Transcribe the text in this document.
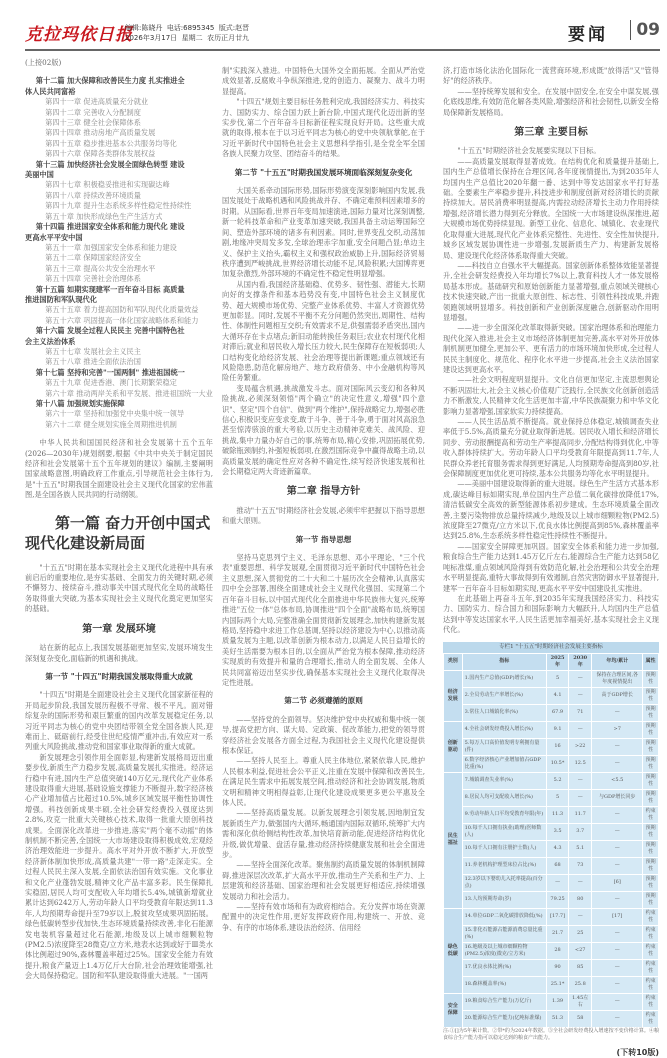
克拉玛依日报
编辑:陈晓丹 电话:6895345 版式:赵晋
2026年3月17日 星期二 农历正月廿九	要闻	09

(上接02版)

第十二篇 加大保障和改善民生力度 扎实推进全

体人民共同富裕

第四十一章 促进高质量充分就业

第四十二章 完善收入分配制度

第四十三章 健全社会保障体系

第四十四章 推动房地产高质量发展

第四十五章 稳步推进基本公共服务均等化

第四十六章 保障各类群体发展权益

第十三篇 加快经济社会发展全面绿色转型 建设

美丽中国

第四十七章 积极稳妥推进和实现碳达峰

第四十八章 持续改善环境质量

第四十九章 提升生态系统多样性稳定性持续性

第五十章 加快形成绿色生产生活方式

第十四篇 推进国家安全体系和能力现代化 建设

更高水平平安中国

第五十一章 加强国家安全体系和能力建设

第五十二章 保障国家经济安全

第五十三章 提高公共安全治理水平

第五十四章 完善社会治理体系

第十五篇 如期实现建军一百年奋斗目标 高质量

推进国防和军队现代化

第五十五章 着力提高国防和军队现代化质量效益

第五十六章 巩固提高一体化国家战略体系和能力

第十六篇 发展全过程人民民主 完善中国特色社

会主义法治体系

第五十七章 发展社会主义民主

第五十八章 推进全面依法治国

第十七篇 坚持和完善"一国两制" 推进祖国统一

第五十九章 促进香港、澳门长期繁荣稳定

第六十章 推动两岸关系和平发展、推进祖国统一大业

第十八篇 加强规划实施保障

第六十一章 坚持和加强党中央集中统一领导

第六十二章 健全规划实施全周期推进机制

中华人民共和国国民经济和社会发展第十五个五年(2026—2030年)规划纲要,根据《中共中央关于制定国民经济和社会发展第十五个五年规划的建议》编制,主要阐明国家战略意图,明确政府工作重点,引导规范社会主体行为,是"十五五"时期我国全面建设社会主义现代化国家的宏伟蓝图,是全国各族人民共同的行动纲领。

第一篇 奋力开创中国式现代化建设新局面

"十五五"时期在基本实现社会主义现代化进程中具有承前启后的重要地位,是夯实基础、全面发力的关键时期,必须不懈努力、接续奋斗,推动事关中国式现代化全局的战略任务取得重大突破,为基本实现社会主义现代化奠定更加坚实的基础。

第一章 发展环境

站在新的起点上,我国发展基础更加坚实,发展环境发生深刻复杂变化,面临新的机遇和挑战。

第一节 "十四五"时期我国发展取得重大成就

"十四五"时期是全面建设社会主义现代化国家新征程的开局起步阶段,我国发展历程极不寻常、极不平凡。面对错综复杂的国际形势和艰巨繁重的国内改革发展稳定任务,以习近平同志为核心的党中央团结带领全党全国各族人民,迎难而上、砥砺前行,经受住世纪疫情严重冲击,有效应对一系列重大风险挑战,推动党和国家事业取得新的重大成就。

新发展理念引领作用全面彰显,构建新发展格局迈出重要步伐,新质生产力稳步发展,高质量发展扎实推进。经济运行稳中有进,国内生产总值突破140万亿元,现代化产业体系建设取得重大进展,基础设施支撑能力不断提升,数字经济核心产业增加值占比超过10.5%,城乡区域发展平衡性协调性增强。科技创新成果丰硕,全社会研发经费投入强度达到2.8%,攻克一批重大关键核心技术,取得一批重大原创科技成果。全面深化改革进一步推进,落实"两个毫不动摇"的体制机制不断完善,全国统一大市场建设取得积极成效,宏观经济治理效能进一步提升。高水平对外开放不断扩大,开放型经济新体制加快形成,高质量共建"一带一路"走深走实。全过程人民民主深入发展,全面依法治国有效实施。文化事业和文化产业蓬勃发展,精神文化产品丰富多彩。民生保障扎实稳固,居民人均可支配收入年均增长5.4%,城镇新增就业累计达到6242万人,劳动年龄人口平均受教育年限达到11.3年,人均预期寿命提升至79岁以上,脱贫攻坚成果巩固拓展。绿色低碳转型步伐加快,生态环境质量持续改善,非化石能源发电装机容量超过化石能源,地级及以上城市细颗粒物(PM2.5)浓度降至28微克/立方米,地表水达到或好于Ⅲ类水体比例超过90%,森林覆盖率超过25%。国家安全能力有效提升,粮食产量迈上1.4万亿斤大台阶,社会治理效能增强,社会大局保持稳定。国防和军队建设取得重大进展。"一国两

制"实践深入推进。中国特色大国外交全面拓展。全面从严治党成效显著,反腐败斗争纵深推进,党的创造力、凝聚力、战斗力明显提高。

"十四五"规划主要目标任务胜利完成,我国经济实力、科技实力、国防实力、综合国力跃上新台阶,中国式现代化迈出新的坚实步伐,第二个百年奋斗目标新征程实现良好开局。这些重大成就的取得,根本在于以习近平同志为核心的党中央领航掌舵,在于习近平新时代中国特色社会主义思想科学指引,是全党全军全国各族人民聚力攻坚、团结奋斗的结果。

第二节 "十五五"时期我国发展环境面临深刻复杂变化

大国关系牵动国际形势,国际形势演变深刻影响国内发展,我国发展处于战略机遇和风险挑战并存、不确定难预料因素增多的时期。从国际看,世界百年变局加速演进,国际力量对比深刻调整,新一轮科技革命和产业变革加速突破,我国具备主动运筹国际空间、塑造外部环境的诸多有利因素。同时,世界变乱交织,动荡加剧,地缘冲突局发多发,全球治理赤字加重,安全问题凸显;单边主义、保护主义抬头,霸权主义和强权政治威胁上升,国际经济贸易秩序遭到严峻挑战,世界经济增长动能不足,风险积累;大国博弈更加复杂激烈,外部环境的不确定性不稳定性明显增强。

从国内看,我国经济基础稳、优势多、韧性强、潜能大,长期向好的支撑条件和基本趋势没有变,中国特色社会主义制度优势、超大规模市场优势、完整产业体系优势、丰富人才资源优势更加彰显。同时,发展不平衡不充分问题仍然突出,周期性、结构性、体制性问题相互交织;有效需求不足,供强需弱矛盾突出,国内大循环存在卡点堵点;新旧动能转换任务艰巨;农业农村现代化相对滞后;就业和居民收入增长压力较大,民生保障存在短板弱项;人口结构变化给经济发展、社会治理等提出新课题;重点领域还有风险隐患,防范化解房地产、地方政府债务、中小金融机构等风险任务繁重。

变局蕴含机遇,挑战激发斗志。面对国际风云变幻和各种风险挑战,必须深刻领悟"两个确立"的决定性意义,增强"四个意识"、坚定"四个自信"、做到"两个维护",保持战略定力,增强必胜信心,积极识变应变求变,敢于斗争、善于斗争,勇于面对风高浪急甚至惊涛骇浪的重大考验,以历史主动精神克难关、战风险、迎挑战,集中力量办好自己的事,统筹布局,精心安排,巩固拓展优势,破除瓶颈制约,补强短板弱项,在激烈国际竞争中赢得战略主动,以高质量发展的确定性应对各种不确定性,续写经济快速发展和社会长期稳定两大奇迹新篇章。

第二章 指导方针

推动"十五五"时期经济社会发展,必须牢牢把握以下指导思想和重大原则。

第一节 指导思想

坚持马克思列宁主义、毛泽东思想、邓小平理论、"三个代表"重要思想、科学发展观,全面贯彻习近平新时代中国特色社会主义思想,深入贯彻党的二十大和二十届历次全会精神,认真落实四中全会部署,围绕全面建成社会主义现代化强国、实现第二个百年奋斗目标,以中国式现代化全面推进中华民族伟大复兴,统筹推进"五位一体"总体布局,协调推进"四个全面"战略布局,统筹国内国际两个大局,完整准确全面贯彻新发展理念,加快构建新发展格局,坚持稳中求进工作总基调,坚持以经济建设为中心,以推动高质量发展为主题,以改革创新为根本动力,以满足人民日益增长的美好生活需要为根本目的,以全面从严治党为根本保障,推动经济实现质的有效提升和量的合理增长,推动人的全面发展、全体人民共同富裕迈出坚实步伐,确保基本实现社会主义现代化取得决定性进展。

第二节 必须遵循的原则

——坚持党的全面领导。坚决维护党中央权威和集中统一领导,提高党把方向、谋大局、定政策、促改革能力,把党的领导贯穿经济社会发展各方面全过程,为我国社会主义现代化建设提供根本保证。

——坚持人民至上。尊重人民主体地位,紧紧依靠人民,维护人民根本利益,促进社会公平正义,注重在发展中保障和改善民生,在满足民生需求中拓展发展空间,推动经济和社会协调发展,物质文明和精神文明相得益彰,让现代化建设成果更多更公平惠及全体人民。

——坚持高质量发展。以新发展理念引领发展,因地制宜发展新质生产力,做强国内大循环,畅通国内国际双循环,统筹扩大内需和深化供给侧结构性改革,加快培育新动能,促进经济结构优化升级,做优增量、盘活存量,推动经济持续健康发展和社会全面进步。

——坚持全面深化改革。聚焦制约高质量发展的体制机制障碍,推进深层次改革,扩大高水平开放,推动生产关系和生产力、上层建筑和经济基础、国家治理和社会发展更好相适应,持续增强发展动力和社会活力。

——坚持有效市场和有为政府相结合。充分发挥市场在资源配置中的决定性作用,更好发挥政府作用,构建统一、开放、竞争、有序的市场体系,建设法治经济、信用经

济,打造市场化法治化国际化一流营商环境,形成既"放得活"又"管得好"的经济秩序。

——坚持统筹发展和安全。在发展中固安全,在安全中谋发展,强化底线思维,有效防范化解各类风险,增强经济和社会韧性,以新安全格局保障新发展格局。

第三章 主要目标

"十五五"时期经济社会发展要实现以下目标。

——高质量发展取得显著成效。在结构优化和质量提升基础上,国内生产总值增长保持在合理区间,各年度视情提出,为到2035年人均国内生产总值比2020年翻一番、达到中等发达国家水平打好基础。全要素生产率稳步提升,科技进步和制度创新对经济增长的贡献持续加大。居民消费率明显提高,内需拉动经济增长主动力作用持续增强,经济增长潜力得到充分释放。全国统一大市场建设纵深推进,超大规模市场优势持续显现。新型工业化、信息化、城镇化、农业现代化取得重大进展,现代化产业体系完整性、先进性、安全性加快提升,城乡区域发展协调性进一步增强,发展新质生产力、构建新发展格局、建设现代化经济体系取得重大突破。

——科技自立自强水平大幅提高。国家创新体系整体效能显著提升,全社会研发经费投入年均增长7%以上,教育科技人才一体发展格局基本形成。基础研究和原始创新能力显著增强,重点领域关键核心技术快速突破,产出一批重大原创性、标志性、引领性科技成果,并跑领跑领域明显增多。科技创新和产业创新深度融合,创新驱动作用明显增强。

——进一步全面深化改革取得新突破。国家治理体系和治理能力现代化深入推进,社会主义市场经济体制更加完善,高水平对外开放体制机制更加健全,更加公平、更有活力的市场环境加快形成,全过程人民民主制度化、规范化、程序化水平进一步提高,社会主义法治国家建设达到更高水平。

——社会文明程度明显提升。文化自信更加坚定,主流思想舆论不断巩固壮大,社会主义核心价值观广泛践行,全民族文化创新创造活力不断激发,人民精神文化生活更加丰富,中华民族凝聚力和中华文化影响力显著增强,国家软实力持续提高。

——人民生活品质不断提高。就业保持总体稳定,城镇调查失业率低于5.5%,高质量充分就业取得新进展。居民收入增长和经济增长同步、劳动报酬提高和劳动生产率提高同步,分配结构得到优化,中等收入群体持续扩大。劳动年龄人口平均受教育年限提高到11.7年,人民群众养老托育服务需求得到更好满足,人均预期寿命提高到80岁,社会保障制度更加优化更可持续,基本公共服务均等化水平明显提升。

——美丽中国建设取得新的重大进展。绿色生产生活方式基本形成,碳达峰目标如期实现,单位国内生产总值二氧化碳排放降低17%,清洁低碳安全高效的新型能源体系初步建成。生态环境质量全面改善,主要污染物排放总量持续减少,地级及以上城市细颗粒物(PM2.5)浓度降至27微克/立方米以下,优良水体比例提高到85%,森林覆盖率达到25.8%,生态系统多样性稳定性持续性不断提升。

——国家安全屏障更加巩固。国家安全体系和能力进一步加强,粮食综合生产能力达到1.45万亿斤左右,能源综合生产能力达到58亿吨标准煤,重点领域风险得到有效防范化解,社会治理和公共安全治理水平明显提高,重特大事故得到有效遏制,自然灾害防御水平显著提升,建军一百年奋斗目标如期实现,更高水平平安中国建设扎实推进。

在此基础上再奋斗五年,到2035年实现我国经济实力、科技实力、国防实力、综合国力和国际影响力大幅跃升,人均国内生产总值达到中等发达国家水平,人民生活更加幸福美好,基本实现社会主义现代化。

专栏1 "十五五"时期经济社会发展主要指标
类别	指标	2025年	2030年	年均/累计	属性
经济发展	1.国内生产总值(GDP)增长(%)	5	—	保持在合理区间,各年度视情提出	预期性
	2.全员劳动生产率增长(%)	4.1	—	高于GDP增长	预期性
	3.常住人口城镇化率(%)	67.9	71	—	预期性
创新驱动	4.全社会研发经费投入增长(%)	9.1	—	>7	预期性
	5.每万人口高价值发明专利拥有量(件)	16	>22	—	预期性
	6.数字经济核心产业增加值占GDP比重(%)	10.5*	12.5	—	预期性
民生福祉	7.城镇调查失业率(%)	5.2	—	<5.5	预期性
	8.居民人均可支配收入增长(%)	5	—	与GDP增长同步	预期性
	9.劳动年龄人口平均受教育年限(年)	11.3	11.7	—	约束性
	10.每千人口拥有执业(助理)医师数(人)	3.5	3.7	—	预期性
	10.每千人口拥有注册护士数(人)	4.3	5.1	—	预期性
	11.养老机构护理型床位占比(%)	68	73	—	预期性
	12.3岁以下婴幼儿入托率提高(百分点)	—	—	[6]	预期性
	13.人均预期寿命(岁)	79.25	80	—	预期性
绿色低碳	14.单位GDP二氧化碳排放降低(%)	[17.7]	—	[17]	约束性
	15.非化石能源占能源消费总量比重(%)	21.7	25	—	约束性
	16.地级及以上城市细颗粒物(PM2.5)浓度(微克/立方米)	28	<27	—	约束性
	17.优良水体比例(%)	90	85	—	约束性
	18.森林覆盖率(%)	25.1*	25.8	—	约束性
安全保障	19.粮食综合生产能力(万亿斤)	1.39	1.45左右	—	约束性
	20.能源综合生产能力(亿吨标准煤)	51.3	58	—	约束性

注:①[]为5年累计数。②带*的为2024年数据。③全社会研发经费投入增速按不变价格计算。④粮食综合生产能力指可以稳定达到的粮食产出能力。

(下转10版)
